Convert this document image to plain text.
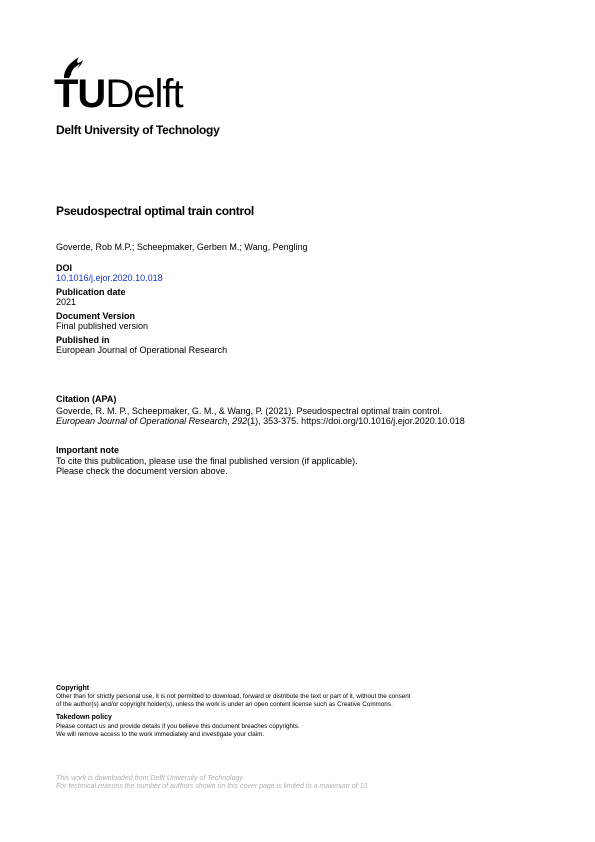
TUDelft
Delft University of Technology
Pseudospectral optimal train control
Goverde, Rob M.P.; Scheepmaker, Gerben M.; Wang, Pengling
DOI
10.1016/j.ejor.2020.10.018
Publication date
2021
Document Version
Final published version
Published in
European Journal of Operational Research
Citation (APA)
Goverde, R. M. P., Scheepmaker, G. M., & Wang, P. (2021). Pseudospectral optimal train control.
European Journal of Operational Research, 292(1), 353-375. https://doi.org/10.1016/j.ejor.2020.10.018
Important note
To cite this publication, please use the final published version (if applicable).
Please check the document version above.
Copyright
Other than for strictly personal use, it is not permitted to download, forward or distribute the text or part of it, without the consent
of the author(s) and/or copyright holder(s), unless the work is under an open content license such as Creative Commons.
Takedown policy
Please contact us and provide details if you believe this document breaches copyrights.
We will remove access to the work immediately and investigate your claim.
This work is downloaded from Delft University of Technology.
For technical reasons the number of authors shown on this cover page is limited to a maximum of 10.
